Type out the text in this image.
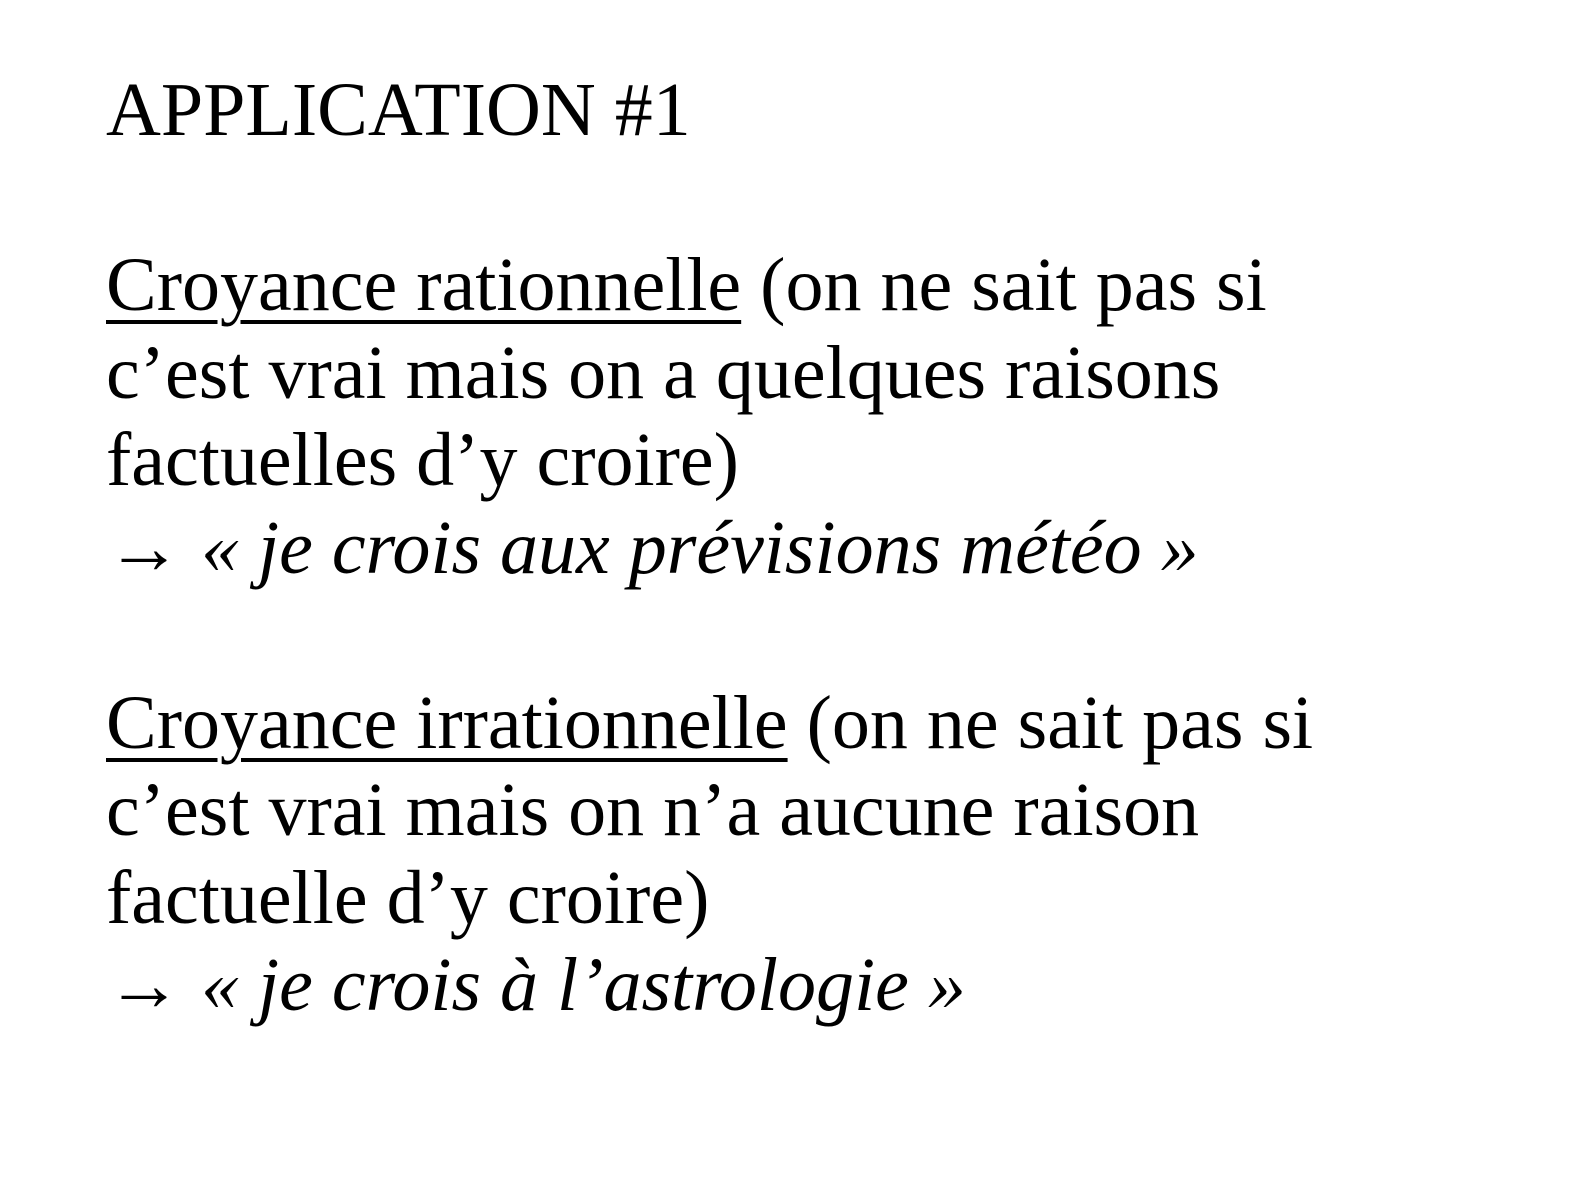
APPLICATION #1
Croyance rationnelle (on ne sait pas si
c’est vrai mais on a quelques raisons
factuelles d’y croire)
→ « je crois aux prévisions météo »
Croyance irrationnelle (on ne sait pas si
c’est vrai mais on n’a aucune raison
factuelle d’y croire)
→ « je crois à l’astrologie »
